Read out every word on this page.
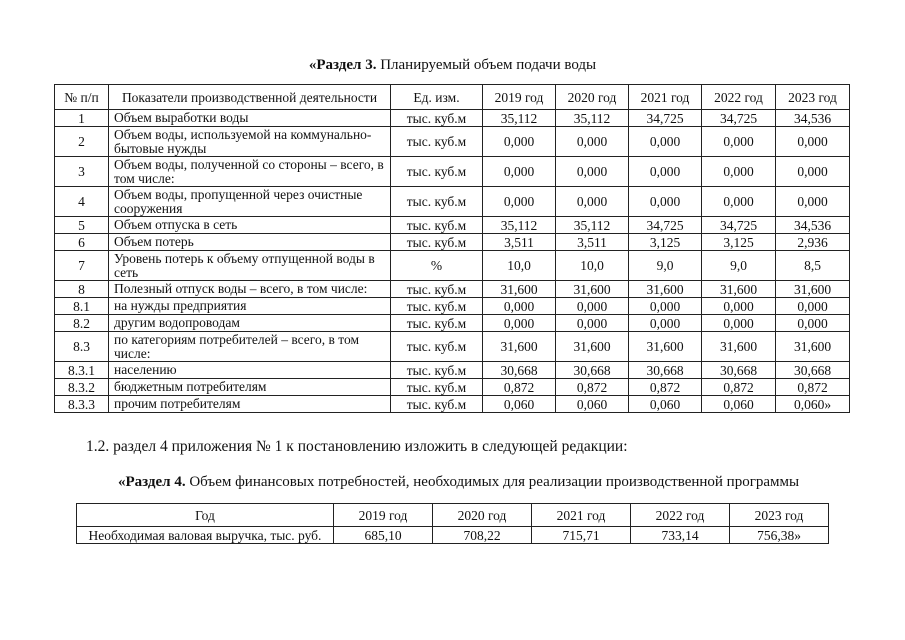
«Раздел 3. Планируемый объем подачи воды
№ п/п	Показатели производственной деятельности	Ед. изм.	2019 год	2020 год	2021 год	2022 год	2023 год
1	Объем выработки воды	тыс. куб.м	35,112	35,112	34,725	34,725	34,536
2	Объем воды, используемой на коммунально-бытовые нужды	тыс. куб.м	0,000	0,000	0,000	0,000	0,000
3	Объем воды, полученной со стороны – всего, в том числе:	тыс. куб.м	0,000	0,000	0,000	0,000	0,000
4	Объем воды, пропущенной через очистные сооружения	тыс. куб.м	0,000	0,000	0,000	0,000	0,000
5	Объем отпуска в сеть	тыс. куб.м	35,112	35,112	34,725	34,725	34,536
6	Объем потерь	тыс. куб.м	3,511	3,511	3,125	3,125	2,936
7	Уровень потерь к объему отпущенной воды в сеть	%	10,0	10,0	9,0	9,0	8,5
8	Полезный отпуск воды – всего, в том числе:	тыс. куб.м	31,600	31,600	31,600	31,600	31,600
8.1	на нужды предприятия	тыс. куб.м	0,000	0,000	0,000	0,000	0,000
8.2	другим водопроводам	тыс. куб.м	0,000	0,000	0,000	0,000	0,000
8.3	по категориям потребителей – всего, в том числе:	тыс. куб.м	31,600	31,600	31,600	31,600	31,600
8.3.1	населению	тыс. куб.м	30,668	30,668	30,668	30,668	30,668
8.3.2	бюджетным потребителям	тыс. куб.м	0,872	0,872	0,872	0,872	0,872
8.3.3	прочим потребителям	тыс. куб.м	0,060	0,060	0,060	0,060	0,060»
1.2. раздел 4 приложения № 1 к постановлению изложить в следующей редакции:
«Раздел 4. Объем финансовых потребностей, необходимых для реализации производственной программы
Год	2019 год	2020 год	2021 год	2022 год	2023 год
Необходимая валовая выручка, тыс. руб.	685,10	708,22	715,71	733,14	756,38»
